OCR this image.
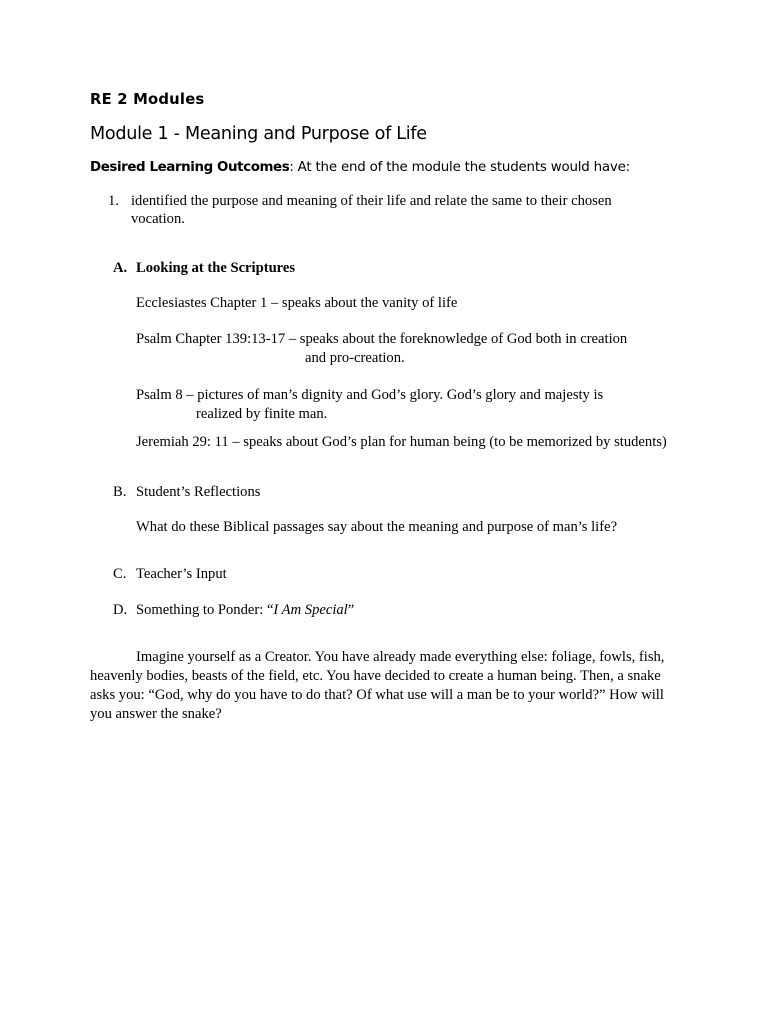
RE 2 Modules
Module 1 - Meaning and Purpose of Life
Desired Learning Outcomes: At the end of the module the students would have:
1. identified the purpose and meaning of their life and relate the same to their chosen
vocation.
A. Looking at the Scriptures
Ecclesiastes Chapter 1 – speaks about the vanity of life
Psalm Chapter 139:13-17 – speaks about the foreknowledge of God both in creation
and pro-creation.
Psalm 8 – pictures of man’s dignity and God’s glory. God’s glory and majesty is
realized by finite man.
Jeremiah 29: 11 – speaks about God’s plan for human being (to be memorized by students)
B. Student’s Reflections
What do these Biblical passages say about the meaning and purpose of man’s life?
C. Teacher’s Input
D. Something to Ponder: “I Am Special”
Imagine yourself as a Creator. You have already made everything else: foliage, fowls, fish, heavenly bodies, beasts of the field, etc. You have decided to create a human being. Then, a snake asks you: “God, why do you have to do that? Of what use will a man be to your world?” How will you answer the snake?
